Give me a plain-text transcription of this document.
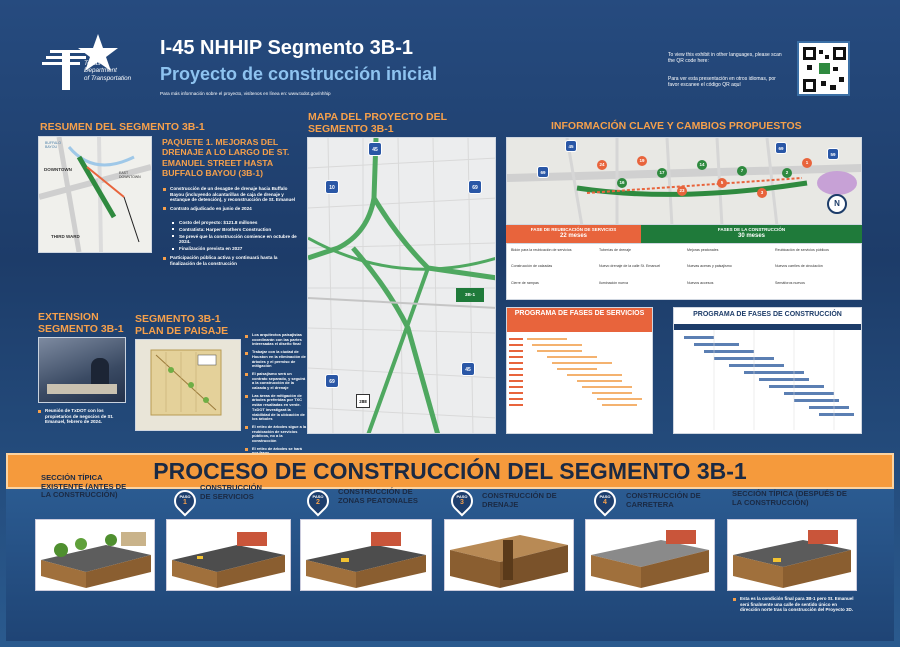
Texas
Department
of Transportation
I-45 NHHIP Segmento 3B-1
Proyecto de construcción inicial
Para más información sobre el proyecto, visítenos en línea en: www.txdot.gov/nhhip
To view this exhibit in other languages, please scan the QR code here:
Para ver esta presentación en otros idiomas, por favor escanee el código QR aquí
RESUMEN DEL SEGMENTO 3B-1
DOWNTOWN
THIRD WARD
BUFFALO BAYOU
EAST DOWNTOWN
PAQUETE 1. MEJORAS DEL DRENAJE A LO LARGO DE ST. EMANUEL STREET HASTA BUFFALO BAYOU (3B-1)
Construcción de un desagüe de drenaje hacia Buffalo Bayou (incluyendo alcantarillas de caja de drenaje y estanque de detención), y reconstrucción de St. Emanuel
Contrato adjudicado en junio de 2024
Costo del proyecto: $121.8 millones
Contratista: Harper Brothers Construction
Se prevé que la construcción comience en octubre de 2024.
Finalización prevista en 2027
Participación pública activa y continuará hasta la finalización de la construcción
EXTENSION SEGMENTO 3B-1
Reunión de TxDOT con los propietarios de negocios de St. Emanuel, febrero de 2024.
SEGMENTO 3B-1 PLAN DE PAISAJE	Los arquitectos paisajistas coordinarán con las partes interesadas el diseño final
Trabajar con la ciudad de Houston en la eliminación de árboles y el permiso de mitigación
El paisajismo será un contrato separado, y seguirá a la construcción de la calzada y el drenaje
Las áreas de mitigación de árboles preferidas por TXC están resaltadas en verde. TxDOT investigará la viabilidad de la ubicación de los árboles
El retiro de árboles sigue a la reubicación de servicios públicos, no a la construcción
El retiro de árboles se hará
MAPA DEL PROYECTO DEL SEGMENTO 3B-1
45
10	69
69
45
288
3B-1
INFORMACIÓN CLAVE Y CAMBIOS PROPUESTOS
24
16
19
17
23
14
5
7
3
2
1
45
69
69
59
N
FASE DE REUBICACIÓN DE SERVICIOS
22 meses
FASES DE LA CONSTRUCCIÓN
30 meses
Bidón para la reubicación de servicios	Tuberías de drenaje	Mejoras peatonales	Reubicación de servicios públicos
Construcción de calzadas	Nuevo drenaje de la calle St. Emanuel	Nuevas aceras y paisajismo	Nuevos carriles de circulación
Cierre de rampas	Iluminación nueva	Nuevos accesos	Semáforos nuevos
PROGRAMA DE FASES DE SERVICIOS	PROGRAMA DE FASES DE CONSTRUCCIÓN
PROCESO DE CONSTRUCCIÓN DEL SEGMENTO 3B-1
SECCIÓN TÍPICA EXISTENTE (ANTES DE LA CONSTRUCCIÓN)
CONSTRUCCIÓN DE SERVICIOS	CONSTRUCCIÓN DE ZONAS PEATONALES	CONSTRUCCIÓN DE DRENAJE
CONSTRUCCIÓN DE CARRETERA
SECCIÓN TÍPICA (DESPUÉS DE LA CONSTRUCCIÓN)
PASO
1
PASO
2
PASO
3
PASO
4
Esta es la condición final para 3B-1 pero St. Emanuel será finalmente una calle de sentido único en dirección norte tras la construcción del Proyecto 3D.
